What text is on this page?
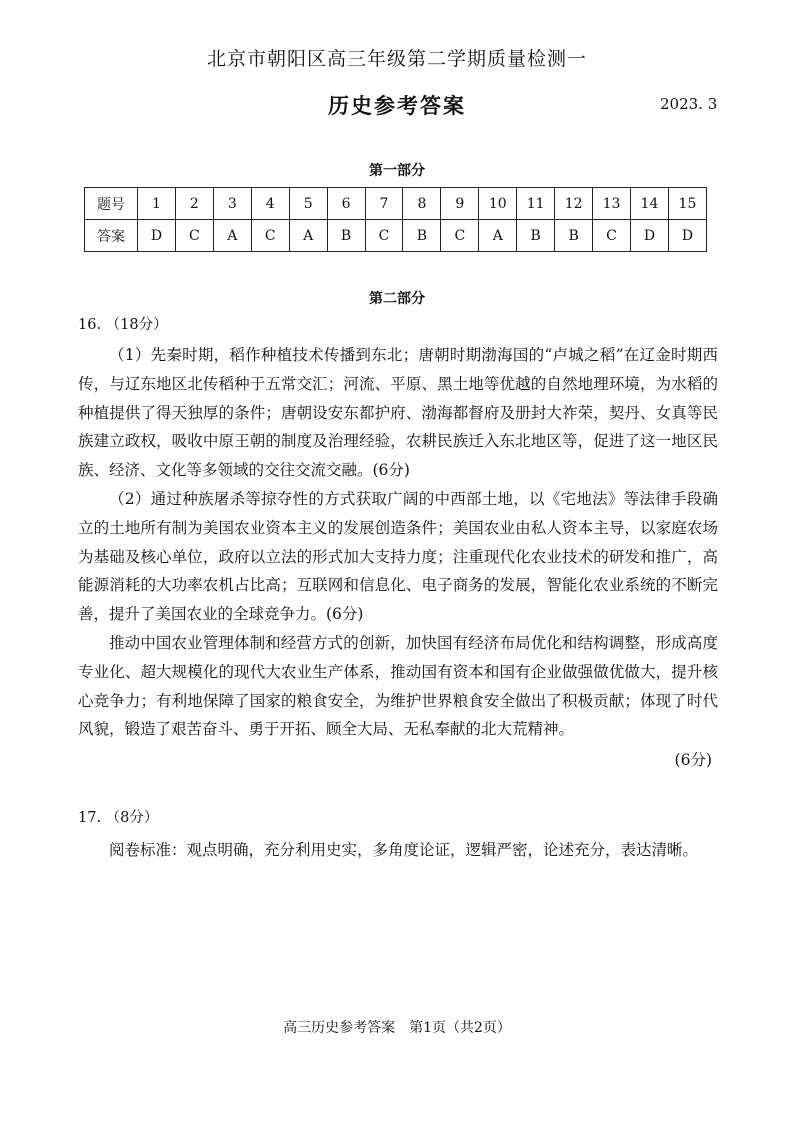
北京市朝阳区高三年级第二学期质量检测一
历史参考答案	2023. 3
第一部分
题号	1	2	3	4	5	6	7	8	9	10	11	12	13	14	15
答案	D	C	A	C	A	B	C	B	C	A	B	B	C	D	D
第二部分
16. （18分）
（1）先秦时期，稻作种植技术传播到东北；唐朝时期渤海国的“卢城之稻”在辽金时期西传，与辽东地区北传稻种于五常交汇；河流、平原、黑土地等优越的自然地理环境，为水稻的种植提供了得天独厚的条件；唐朝设安东都护府、渤海都督府及册封大祚荣，契丹、女真等民族建立政权，吸收中原王朝的制度及治理经验，农耕民族迁入东北地区等，促进了这一地区民族、经济、文化等多领域的交往交流交融。(6分)
（2）通过种族屠杀等掠夺性的方式获取广阔的中西部土地，以《宅地法》等法律手段确立的土地所有制为美国农业资本主义的发展创造条件；美国农业由私人资本主导，以家庭农场为基础及核心单位，政府以立法的形式加大支持力度；注重现代化农业技术的研发和推广，高能源消耗的大功率农机占比高；互联网和信息化、电子商务的发展，智能化农业系统的不断完善，提升了美国农业的全球竞争力。(6分)
推动中国农业管理体制和经营方式的创新，加快国有经济布局优化和结构调整，形成高度专业化、超大规模化的现代大农业生产体系，推动国有资本和国有企业做强做优做大，提升核心竞争力；有利地保障了国家的粮食安全，为维护世界粮食安全做出了积极贡献；体现了时代风貌，锻造了艰苦奋斗、勇于开拓、顾全大局、无私奉献的北大荒精神。
(6分)
17. （8分）
阅卷标准：观点明确，充分利用史实，多角度论证，逻辑严密，论述充分，表达清晰。
高三历史参考答案　第1页（共2页）
